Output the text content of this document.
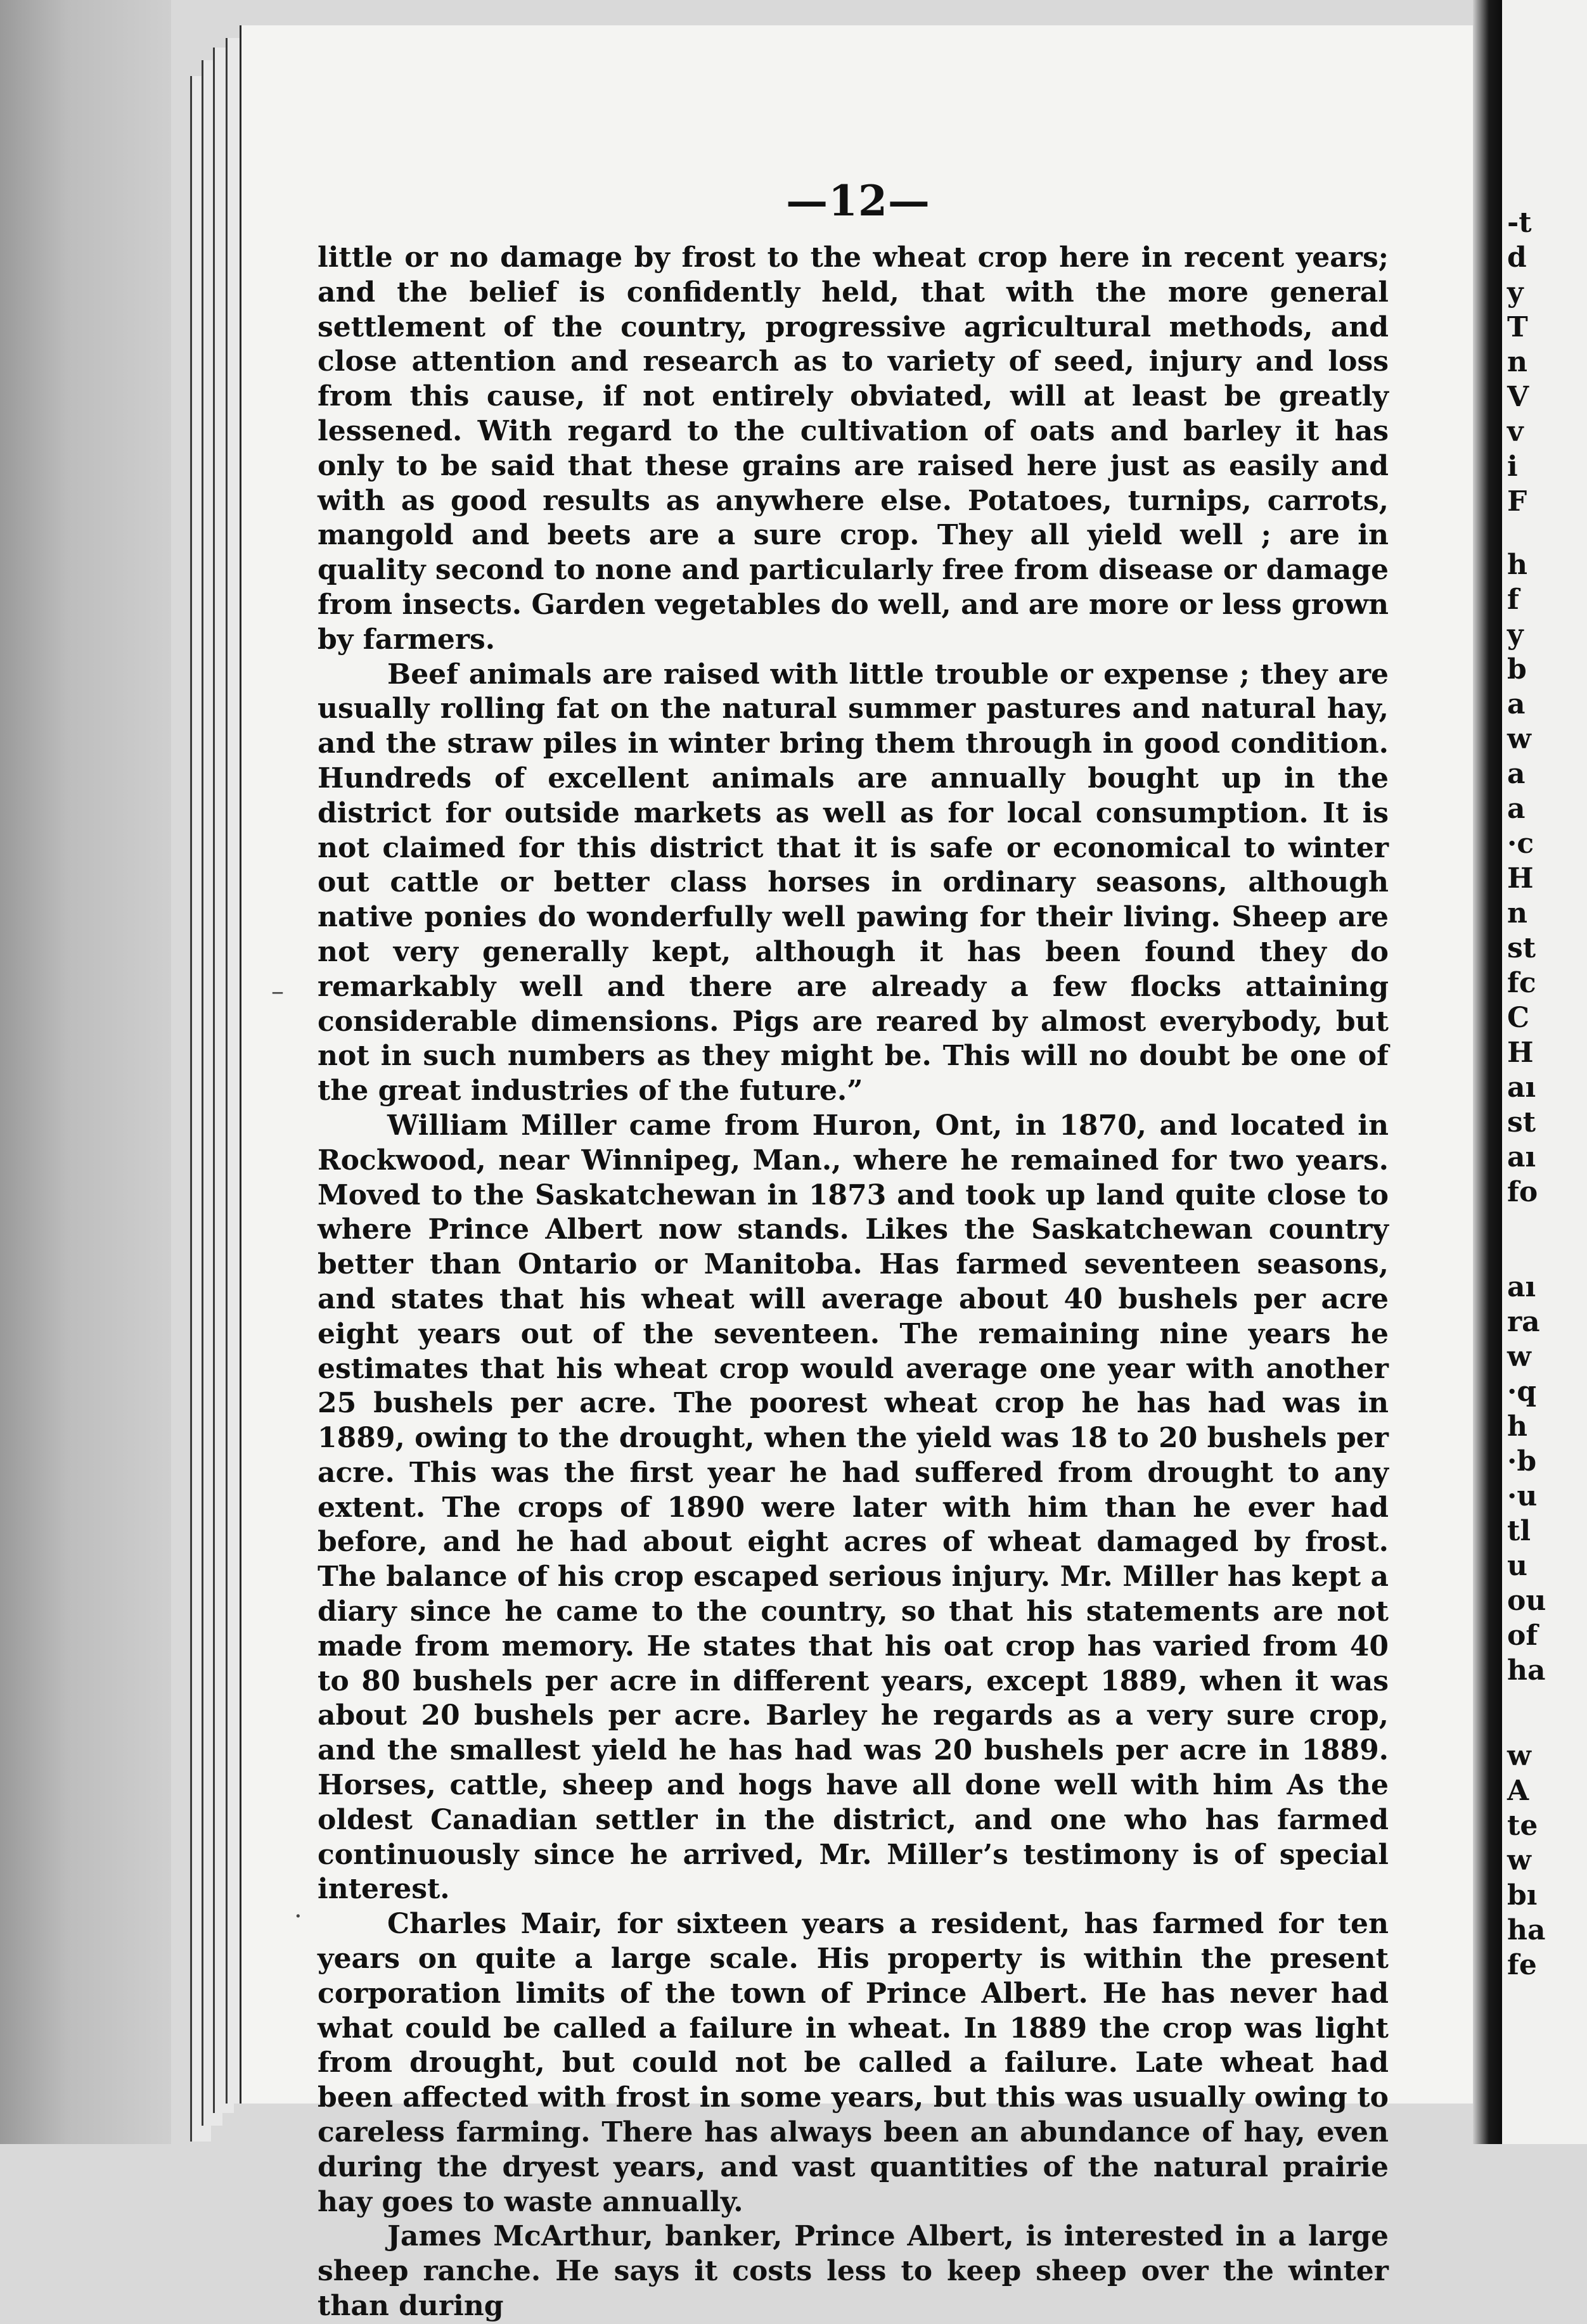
—12—

little or no damage by frost to the wheat crop here in recent years; and the belief is confidently held, that with the more general settlement of the country, progressive agricultural methods, and close attention and research as to variety of seed, injury and loss from this cause, if not entirely obviated, will at least be greatly lessened. With regard to the cultivation of oats and barley it has only to be said that these grains are raised here just as easily and with as good results as anywhere else. Potatoes, turnips, carrots, mangold and beets are a sure crop. They all yield well ; are in quality second to none and particularly free from disease or damage from insects. Garden vegetables do well, and are more or less grown by farmers.

Beef animals are raised with little trouble or expense ; they are usually rolling fat on the natural summer pastures and natural hay, and the straw piles in winter bring them through in good condition. Hundreds of excellent animals are annually bought up in the district for outside markets as well as for local consumption. It is not claimed for this district that it is safe or economical to winter out cattle or better class horses in ordinary seasons, although native ponies do wonderfully well pawing for their living. Sheep are not very generally kept, although it has been found they do remarkably well and there are already a few flocks attaining considerable dimensions. Pigs are reared by almost everybody, but not in such numbers as they might be. This will no doubt be one of the great industries of the future.”

William Miller came from Huron, Ont, in 1870, and located in Rockwood, near Winnipeg, Man., where he remained for two years. Moved to the Saskatchewan in 1873 and took up land quite close to where Prince Albert now stands. Likes the Saskatchewan country better than Ontario or Manitoba. Has farmed seventeen seasons, and states that his wheat will average about 40 bushels per acre eight years out of the seventeen. The remaining nine years he estimates that his wheat crop would average one year with another 25 bushels per acre. The poorest wheat crop he has had was in 1889, owing to the drought, when the yield was 18 to 20 bushels per acre. This was the first year he had suffered from drought to any extent. The crops of 1890 were later with him than he ever had before, and he had about eight acres of wheat damaged by frost. The balance of his crop escaped serious injury. Mr. Miller has kept a diary since he came to the country, so that his statements are not made from memory. He states that his oat crop has varied from 40 to 80 bushels per acre in different years, except 1889, when it was about 20 bushels per acre. Barley he regards as a very sure crop, and the smallest yield he has had was 20 bushels per acre in 1889. Horses, cattle, sheep and hogs have all done well with him As the oldest Canadian settler in the district, and one who has farmed continuously since he arrived, Mr. Miller’s testimony is of special interest.

Charles Mair, for sixteen years a resident, has farmed for ten years on quite a large scale. His property is within the present corporation limits of the town of Prince Albert. He has never had what could be called a failure in wheat. In 1889 the crop was light from drought, but could not be called a failure. Late wheat had been affected with frost in some years, but this was usually owing to careless farming. There has always been an abundance of hay, even during the dryest years, and vast quantities of the natural prairie hay goes to waste annually.

James McArthur, banker, Prince Albert, is interested in a large sheep ranche. He says it costs less to keep sheep over the winter than during

–
·
-t
d
y
T
n
V
v
i
F
h
f
y
b
a
w
a
a
·c
H
n
st
fc
C
H
aı
st
aı
fo
aı
ra
w
·q
h
·b
·u
tl
u
ou
of
ha
w
A
te
w
bı
ha
fe
